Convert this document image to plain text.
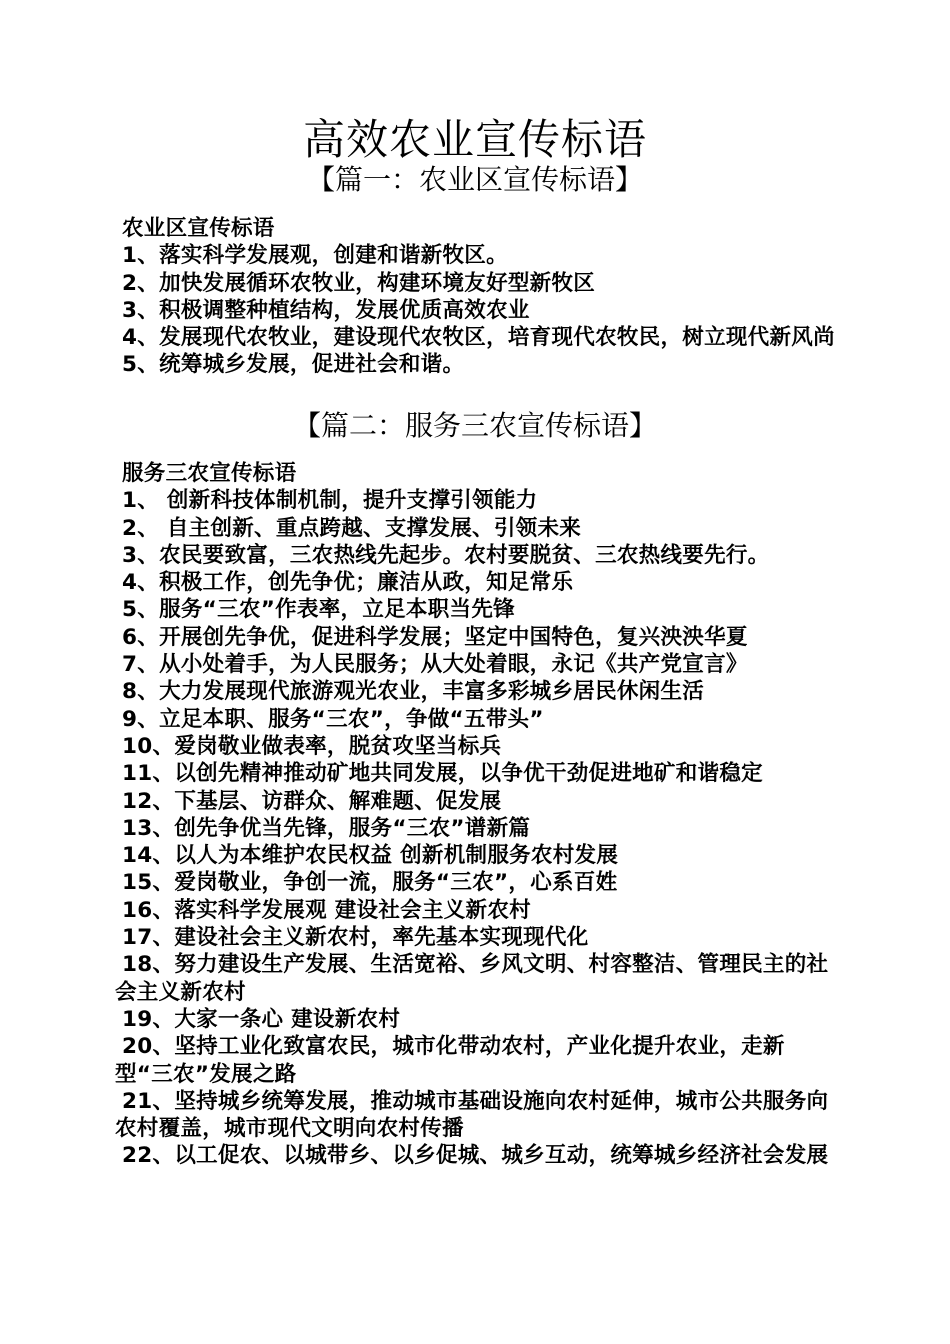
高效农业宣传标语
【篇一：农业区宣传标语】

农业区宣传标语

1、落实科学发展观，创建和谐新牧区。

2、加快发展循环农牧业，构建环境友好型新牧区

3、积极调整种植结构，发展优质高效农业

4、发展现代农牧业，建设现代农牧区，培育现代农牧民，树立现代新风尚

5、统筹城乡发展，促进社会和谐。

【篇二：服务三农宣传标语】

服务三农宣传标语

1、 创新科技体制机制，提升支撑引领能力

2、 自主创新、重点跨越、支撑发展、引领未来

3、农民要致富，三农热线先起步。农村要脱贫、三农热线要先行。

4、积极工作，创先争优；廉洁从政，知足常乐

5、服务“三农”作表率，立足本职当先锋

6、开展创先争优，促进科学发展；坚定中国特色，复兴泱泱华夏

7、从小处着手，为人民服务；从大处着眼，永记《共产党宣言》

8、大力发展现代旅游观光农业，丰富多彩城乡居民休闲生活

9、立足本职、服务“三农”，争做“五带头”

10、爱岗敬业做表率，脱贫攻坚当标兵

11、以创先精神推动矿地共同发展，以争优干劲促进地矿和谐稳定

12、下基层、访群众、解难题、促发展

13、创先争优当先锋，服务“三农”谱新篇

14、以人为本维护农民权益 创新机制服务农村发展

15、爱岗敬业，争创一流，服务“三农”，心系百姓

16、落实科学发展观 建设社会主义新农村

17、建设社会主义新农村，率先基本实现现代化

18、努力建设生产发展、生活宽裕、乡风文明、村容整洁、管理民主的社会主义新农村

19、大家一条心 建设新农村

20、坚持工业化致富农民，城市化带动农村，产业化提升农业，走新型“三农”发展之路

21、坚持城乡统筹发展，推动城市基础设施向农村延伸，城市公共服务向农村覆盖，城市现代文明向农村传播

22、以工促农、以城带乡、以乡促城、城乡互动，统筹城乡经济社会发展
